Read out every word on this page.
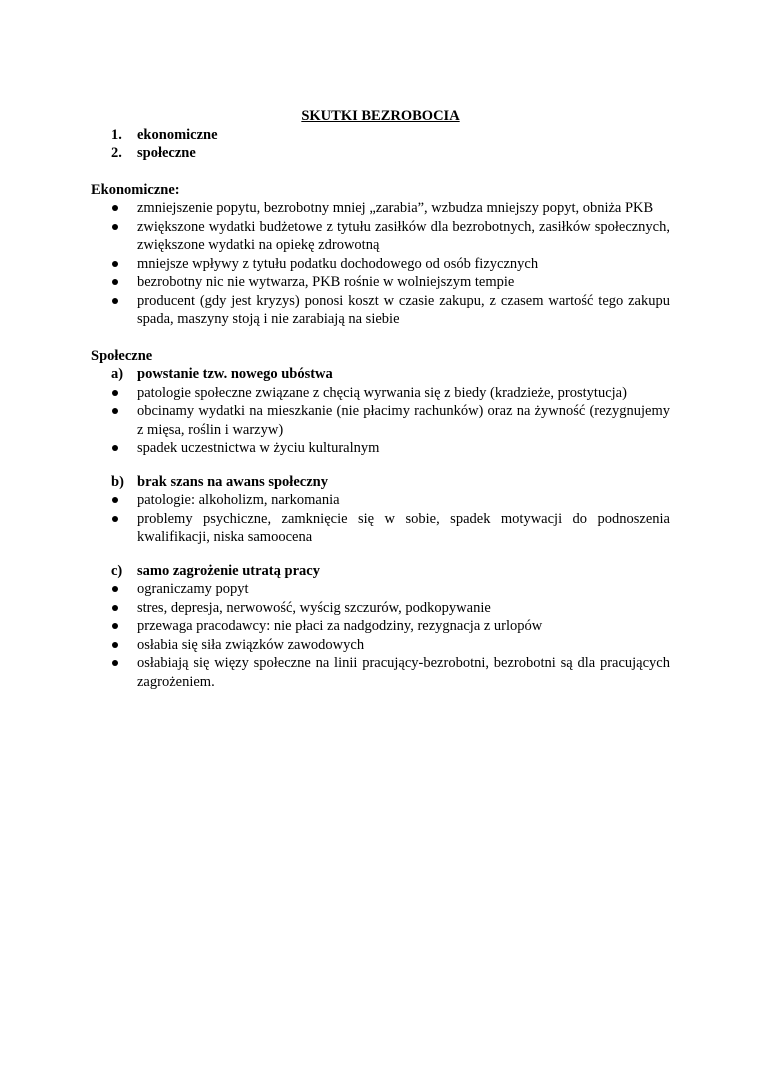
SKUTKI BEZROBOCIA
1. ekonomiczne
2. społeczne
Ekonomiczne:
zmniejszenie popytu, bezrobotny mniej „zarabia”, wzbudza mniejszy popyt, obniża PKB
zwiększone wydatki budżetowe z tytułu zasiłków dla bezrobotnych, zasiłków społecznych, zwiększone wydatki na opiekę zdrowotną
mniejsze wpływy z tytułu podatku dochodowego od osób fizycznych
bezrobotny nic nie wytwarza, PKB rośnie w wolniejszym tempie
producent (gdy jest kryzys) ponosi koszt w czasie zakupu, z czasem wartość tego zakupu spada, maszyny stoją i nie zarabiają na siebie
Społeczne
a) powstanie tzw. nowego ubóstwa
patologie społeczne związane z chęcią wyrwania się z biedy (kradzieże, prostytucja)
obcinamy wydatki na mieszkanie (nie płacimy rachunków) oraz na żywność (rezygnujemy z mięsa, roślin i warzyw)
spadek uczestnictwa w życiu kulturalnym
b) brak szans na awans społeczny
patologie: alkoholizm, narkomania
problemy psychiczne, zamknięcie się w sobie, spadek motywacji do podnoszenia kwalifikacji, niska samoocena
c) samo zagrożenie utratą pracy
ograniczamy popyt
stres, depresja, nerwowość, wyścig szczurów, podkopywanie
przewaga pracodawcy: nie płaci za nadgodziny, rezygnacja z urlopów
osłabia się siła związków zawodowych
osłabiają się więzy społeczne na linii pracujący-bezrobotni, bezrobotni są dla pracujących zagrożeniem.
